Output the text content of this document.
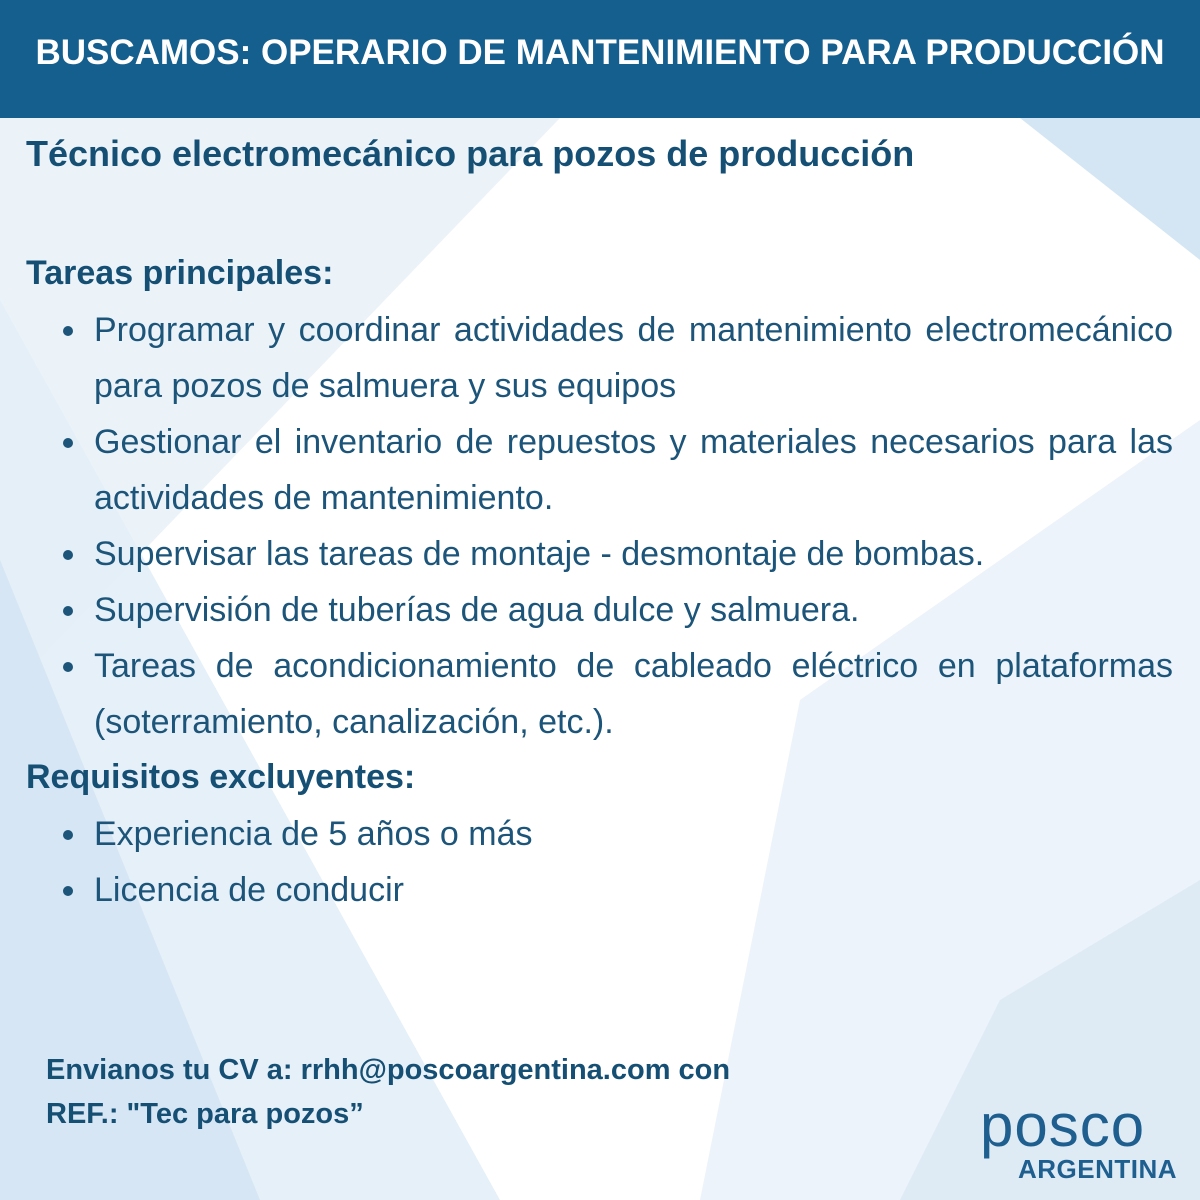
BUSCAMOS: OPERARIO DE MANTENIMIENTO PARA PRODUCCIÓN
Técnico electromecánico para pozos de producción
Tareas principales:
Programar y coordinar actividades de mantenimiento electromecánico para pozos de salmuera y sus equipos
Gestionar el inventario de repuestos y materiales necesarios para las actividades de mantenimiento.
Supervisar las tareas de montaje - desmontaje de bombas.
Supervisión de tuberías de agua dulce y salmuera.
Tareas de acondicionamiento de cableado eléctrico en plataformas (soterramiento, canalización, etc.).
Requisitos excluyentes:
Experiencia de 5 años o más
Licencia de conducir
Envianos tu CV a: rrhh@poscoargentina.com con
REF.: "Tec para pozos”	posco
ARGENTINA
